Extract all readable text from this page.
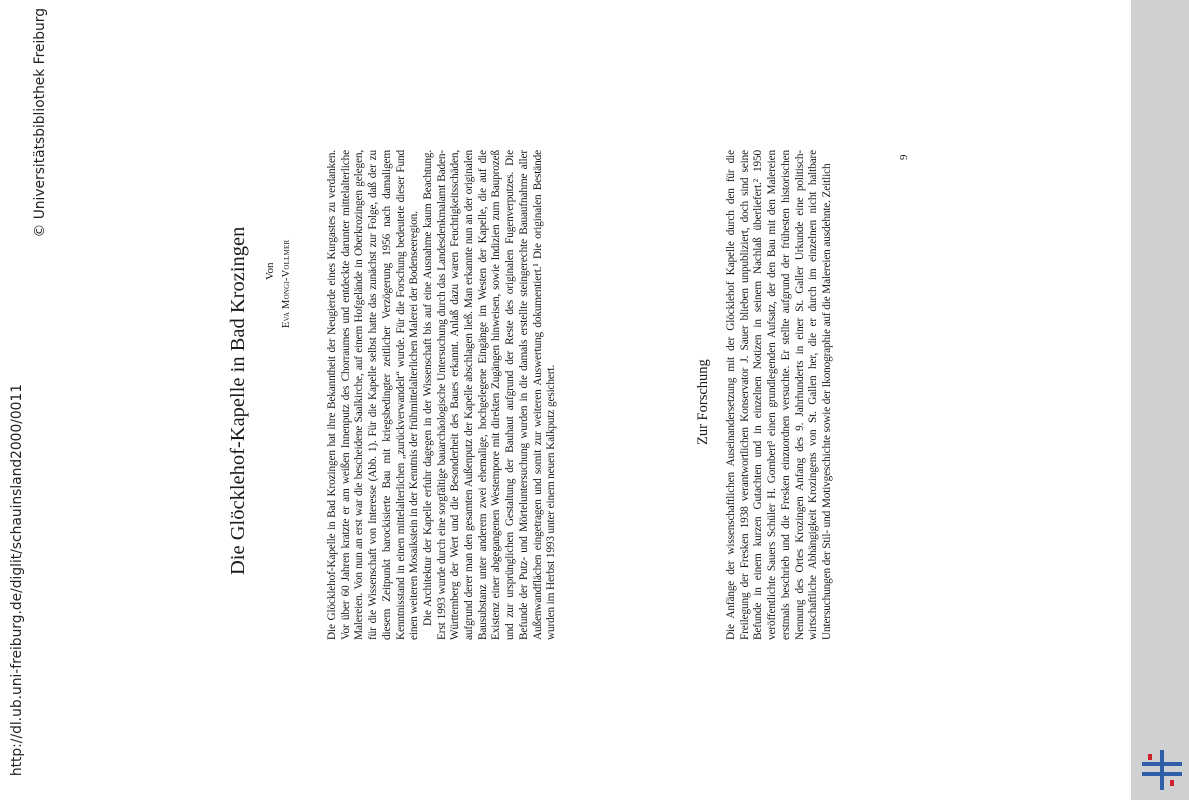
Die Glöcklehof-Kapelle in Bad Krozingen Von Eva Mongi-Vollmer	Die Glöcklehof-Kapelle in Bad Krozingen hat ihre Bekanntheit der Neugierde eines Kurgastes zu verdanken. Vor über 60 Jahren kratzte er am weißen Innenputz des Chorraumes und entdeckte darunter mittelalterliche Malereien. Von nun an erst war die bescheidene Saalkirche, auf einem Hofgelände in Oberkrozingen gelegen, für die Wissenschaft von Interesse (Abb. 1). Für die Kapelle selbst hatte das zunächst zur Folge, daß der zu diesem Zeitpunkt barockisierte Bau mit kriegsbedingter zeitlicher Verzögerung 1956 nach damaligem Kenntnisstand in einen mittelalterlichen „zurückverwandelt“ wurde. Für die Forschung bedeutete dieser Fund einen weiteren Mosaikstein in der Kenntnis der frühmittelalterlichen Malerei der Bodenseeregion. Die Architektur der Kapelle erfuhr dagegen in der Wissenschaft bis auf eine Ausnahme kaum Beachtung. Erst 1993 wurde durch eine sorgfältige bauarchäologische Untersuchung durch das Landesdenkmalamt Baden-Württemberg der Wert und die Besonderheit des Baues erkannt. Anlaß dazu waren Feuchtigkeitsschäden, aufgrund derer man den gesamten Außenputz der Kapelle abschlagen ließ. Man erkannte nun an der originalen Bausubstanz unter anderem zwei ehemalige, hochgelegene Eingänge im Westen der Kapelle, die auf die Existenz einer abgegangenen Westempore mit direkten Zugängen hinweisen, sowie Indizien zum Bauprozeß und zur ursprünglichen Gestaltung der Bauhaut aufgrund der Reste des originalen Fugenverputzes. Die Befunde der Putz- und Mörteluntersuchung wurden in die damals erstellte steingerechte Bauaufnahme aller Außenwandflächen eingetragen und somit zur weiteren Auswertung dokumentiert.¹ Die originalen Bestände wurden im Herbst 1993 unter einem neuen Kalkputz gesichert.	Zur Forschung Die Anfänge der wissenschaftlichen Auseinandersetzung mit der Glöcklehof Kapelle durch den für die Freilegung der Fresken 1938 verantwortlichen Konservator J. Sauer blieben unpubliziert, doch sind seine Befunde in einem kurzen Gutachten und in einzelnen Notizen in seinem Nachlaß überliefert.² 1950 veröffentlichte Sauers Schüler H. Gombert³ einen grundlegenden Aufsatz, der den Bau mit den Malereien erstmals beschrieb und die Fresken einzuordnen versuchte. Er stellte aufgrund der frühesten historischen Nennung des Ortes Krozingen Anfang des 9. Jahrhunderts in einer St. Galler Urkunde eine politisch-wirtschaftliche Abhängigkeit Krozingens von St. Gallen her, die er durch im einzelnen nicht haltbare Untersuchungen der Stil- und Motivgeschichte sowie der Ikonographie auf die Malereien ausdehnte. Zeitlich

9
http://dl.ub.uni-freiburg.de/diglit/schauinsland2000/0011
© Universitätsbibliothek Freiburg
